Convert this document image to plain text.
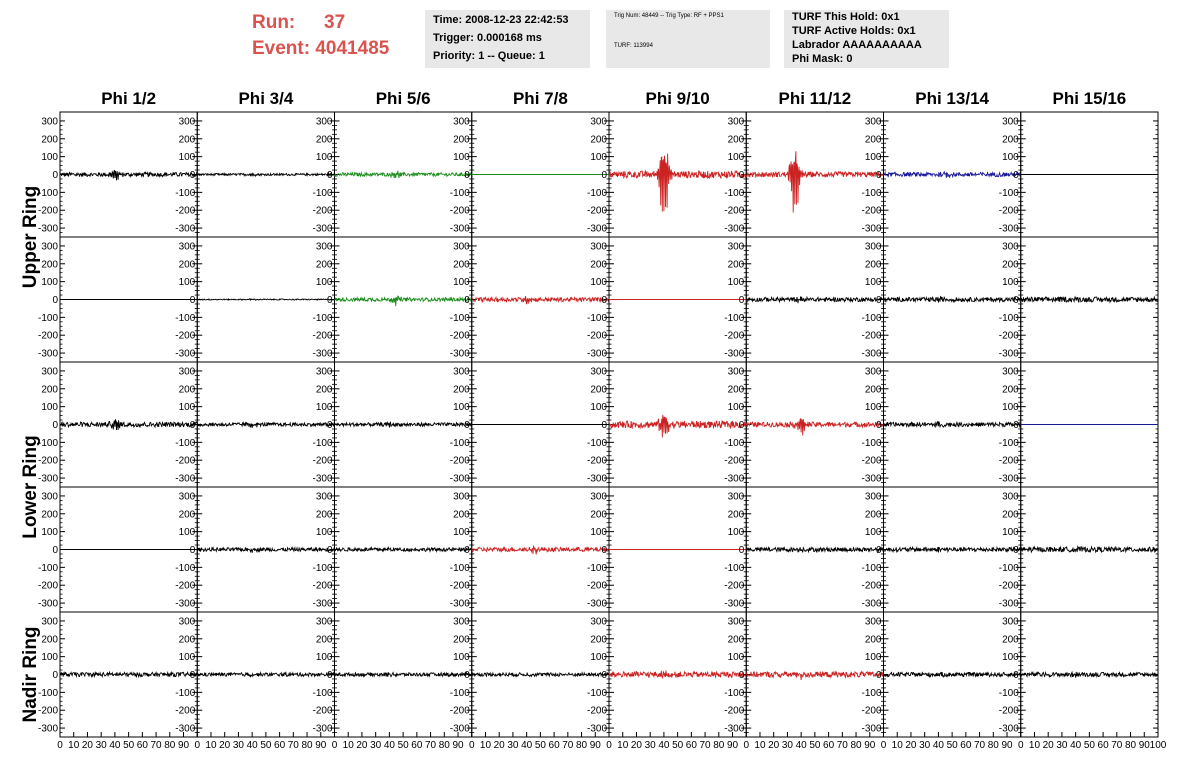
Run:	37
Event:
4041485
Time: 2008-12-23 22:42:53
Trigger: 0.000168 ms
Priority: 1 -- Queue: 1
Trig Num: 48449 -- Trig Type: RF + PPS1
TURF: 113994
TURF This Hold: 0x1
TURF Active Holds: 0x1
Labrador AAAAAAAAAA
Phi Mask: 0
Phi 1/2	Phi 3/4	Phi 5/6	Phi 7/8	Phi 9/10	Phi 11/12	Phi 13/14	Phi 15/16
Upper Ring
Lower Ring
Nadir Ring
300
200
100
0
-100
-200
-300
300
200
100
0
-100
-200
-300
300
200
100
0
-100
-200
-300
300
200
100
0
-100
-200
-300
300
200
100
0
-100
-200
-300
300
200
100
0
-100
-200
-300
300
200
100
0
-100
-200
-300
300
200
100
0
-100
-200
-300
300
200
100
0
-100
-200
-300
300
200
100
0
-100
-200
-300
300
200
100
0
-100
-200
-300
300
200
100
0
-100
-200
-300
300
200
100
0
-100
-200
-300
300
200
100
0
-100
-200
-300
300
200
100
0
-100
-200
-300
300
200
100
0
-100
-200
-300
300
200
100
0
-100
-200
-300
300
200
100
0
-100
-200
-300
300
200
100
0
-100
-200
-300
300
200
100
0
-100
-200
-300
300
200
100
0
-100
-200
-300
300
200
100
0
-100
-200
-300
300
200
100
0
-100
-200
-300
300
200
100
0
-100
-200
-300
300
200
100
0
-100
-200
-300
300
200
100
0
-100
-200
-300
300
200
100
0
-100
-200
-300
300
200
100
0
-100
-200
-300
300
200
100
0
-100
-200
-300
300
200
100
0
-100
-200
-300
300
200
100
0
-100
-200
-300
300
200
100
0
-100
-200
-300
300
200
100
0
-100
-200
-300
300
200
100
0
-100
-200
-300
300
200
100
0
-100
-200
-300
300
200
100
0
-100
-200
-300
300
200
100
0
-100
-200
-300
300
200
100
0
-100
-200
-300
300
200
100
0
-100
-200
-300
300
200
100
0
-100
-200
-300
0 10 20 30 40 50 60 70 80 90 0 10 20 30 40 50 60 70 80 90 0 10 20 30 40 50 60 70 80 90 0 10 20 30 40 50 60 70 80 90 0 10 20 30 40 50 60 70 80 90 0 10 20 30 40 50 60 70 80 90 0 10 20 30 40 50 60 70 80 90 0 10 20 30 40 50 60 70 80 90 100
